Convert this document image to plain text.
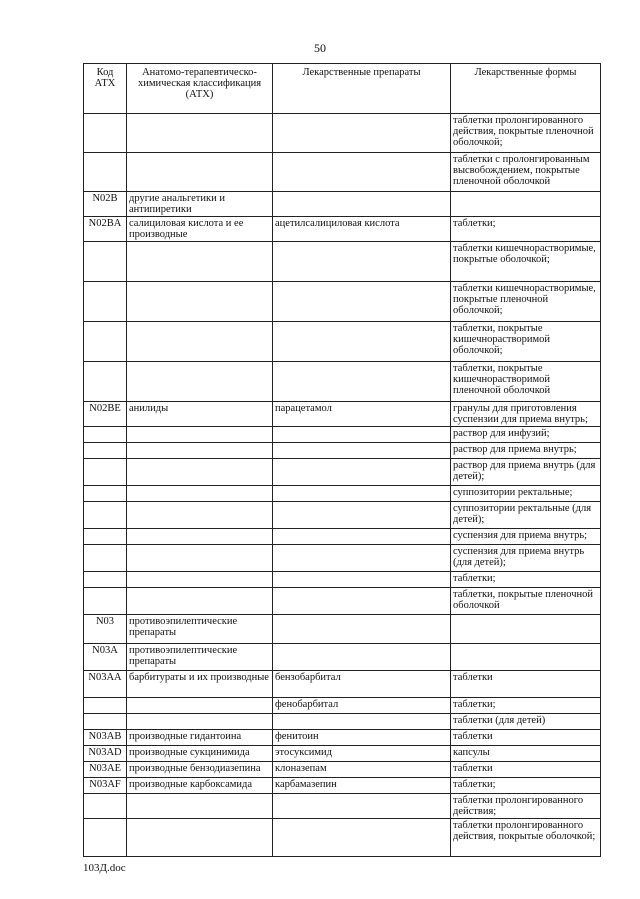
50
Код АТХ	Анатомо-терапевтическо-химическая классификация (АТХ)	Лекарственные препараты	Лекарственные формы
			таблетки пролонгированного действия, покрытые пленочной оболочкой;
			таблетки с пролонгированным высвобождением, покрытые пленочной оболочкой
N02B	другие анальгетики и антипиретики		
N02BA	салициловая кислота и ее производные	ацетилсалициловая кислота	таблетки;
			таблетки кишечнорастворимые, покрытые оболочкой;
			таблетки кишечнорастворимые, покрытые пленочной оболочкой;
			таблетки, покрытые кишечнорастворимой оболочкой;
			таблетки, покрытые кишечнорастворимой пленочной оболочкой
N02BE	анилиды	парацетамол	гранулы для приготовления суспензии для приема внутрь;
			раствор для инфузий;
			раствор для приема внутрь;
			раствор для приема внутрь (для детей);
			суппозитории ректальные;
			суппозитории ректальные (для детей);
			суспензия для приема внутрь;
			суспензия для приема внутрь (для детей);
			таблетки;
			таблетки, покрытые пленочной оболочкой
N03	противоэпилептические препараты		
N03A	противоэпилептические препараты		
N03AA	барбитураты и их производные	бензобарбитал	таблетки
		фенобарбитал	таблетки;
			таблетки (для детей)
N03AB	производные гидантоина	фенитоин	таблетки
N03AD	производные сукцинимида	этосуксимид	капсулы
N03AE	производные бензодиазепина	клоназепам	таблетки
N03AF	производные карбоксамида	карбамазепин	таблетки;
			таблетки пролонгированного действия;
			таблетки пролонгированного действия, покрытые оболочкой;
103Д.doc
